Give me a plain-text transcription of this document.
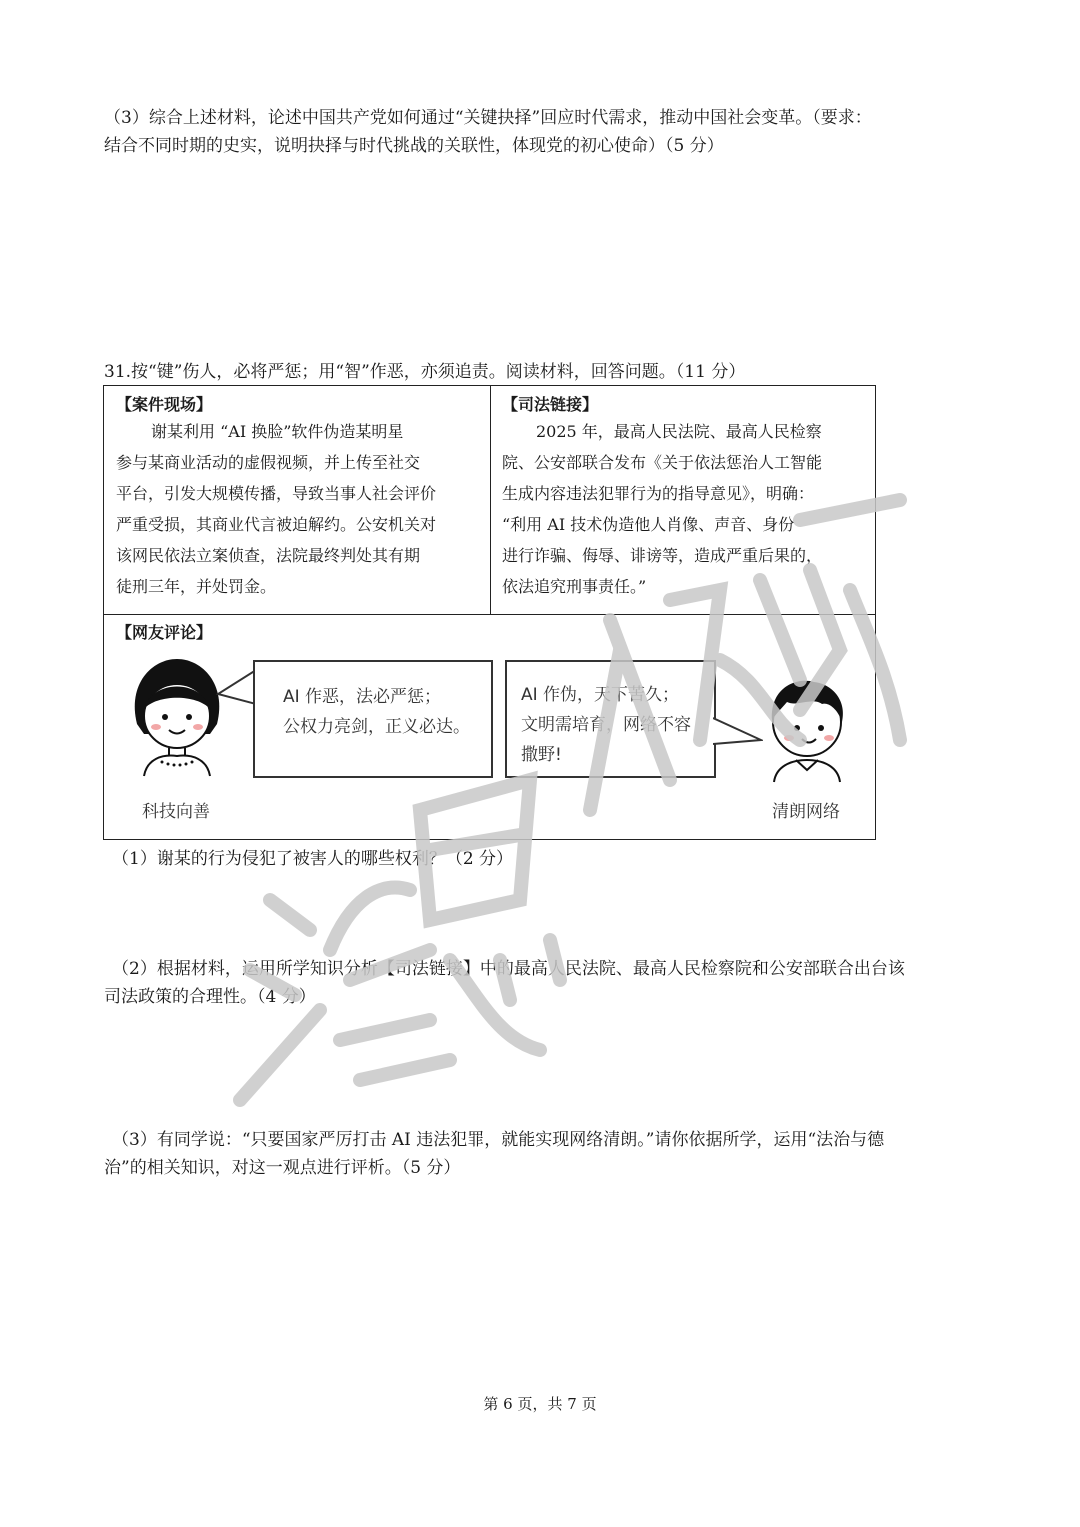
（3）综合上述材料，论述中国共产党如何通过“关键抉择”回应时代需求，推动中国社会变革。（要求：
结合不同时期的史实，说明抉择与时代挑战的关联性，体现党的初心使命）（5 分）
31.按“键”伤人，必将严惩；用“智”作恶，亦须追责。阅读材料，回答问题。（11 分）
【案件现场】
谢某利用 “AI 换脸”软件伪造某明星
参与某商业活动的虚假视频，并上传至社交
平台，引发大规模传播，导致当事人社会评价
严重受损，其商业代言被迫解约。公安机关对
该网民依法立案侦查，法院最终判处其有期
徒刑三年，并处罚金。
【司法链接】
2025 年，最高人民法院、最高人民检察
院、公安部联合发布《关于依法惩治人工智能
生成内容违法犯罪行为的指导意见》，明确：
“利用 AI 技术伪造他人肖像、声音、身份
进行诈骗、侮辱、诽谤等，造成严重后果的，
依法追究刑事责任。”
【网友评论】
AI 作恶，法必严惩；
公权力亮剑，正义必达。
科技向善
AI 作伪，天下苦久；
文明需培育，网络不容
撒野!
清朗网络
（1）谢某的行为侵犯了被害人的哪些权利？（2 分）
（2）根据材料，运用所学知识分析【司法链接】中的最高人民法院、最高人民检察院和公安部联合出台该
司法政策的合理性。（4 分）
（3）有同学说：“只要国家严厉打击 AI 违法犯罪，就能实现网络清朗。”请你依据所学，运用“法治与德
治”的相关知识，对这一观点进行评析。（5 分）
第 6 页，共 7 页
